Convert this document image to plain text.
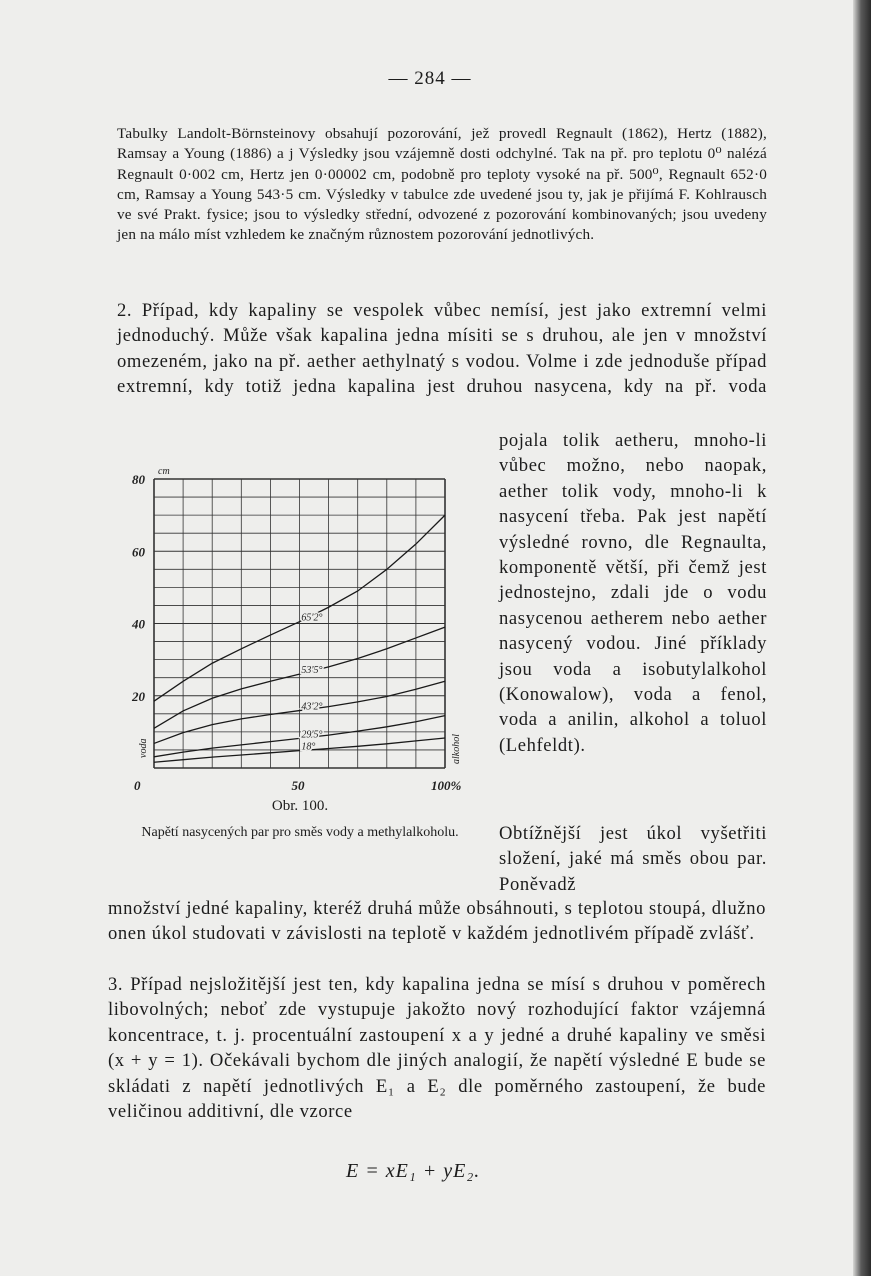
— 284 —

Tabulky Landolt-Börnsteinovy obsahují pozorování, jež provedl Regnault (1862), Hertz (1882), Ramsay a Young (1886) a j Výsledky jsou vzájemně dosti odchylné. Tak na př. pro teplotu 0⁰ nalézá Regnault 0·002 cm, Hertz jen 0·00002 cm, podobně pro teploty vysoké na př. 500⁰, Regnault 652·0 cm, Ramsay a Young 543·5 cm. Výsledky v tabulce zde uvedené jsou ty, jak je přijímá F. Kohlrausch ve své Prakt. fysice; jsou to výsledky střední, odvozené z pozorování kombinovaných; jsou uvedeny jen na málo míst vzhledem ke značným různostem pozorování jednotlivých.

2. Případ, kdy kapaliny se vespolek vůbec nemísí, jest jako extremní velmi jednoduchý. Může však kapalina jedna mísiti se s druhou, ale jen v množství omezeném, jako na př. aether aethylnatý s vodou. Volme i zde jednoduše případ extremní, kdy totiž jedna kapalina jest druhou nasycena, kdy na př. voda

pojala tolik aetheru, mnoho-li vůbec možno, nebo naopak, aether tolik vody, mnoho-li k nasycení třeba. Pak jest napětí výsledné rovno, dle Regnaulta, komponentě větší, při čemž jest jednostejno, zdali jde o vodu nasycenou aetherem nebo aether nasycený vodou. Jiné příklady jsou voda a isobutylalkohol (Konowalow), voda a fenol, voda a anilin, alkohol a toluol (Lehfeldt).

Obtížnější jest úkol vyšetřiti složení, jaké má směs obou par. Poněvadž

množství jedné kapaliny, kteréž druhá může obsáhnouti, s teplotou stoupá, dlužno onen úkol studovati v závislosti na teplotě v každém jednotlivém případě zvlášť.

3. Případ nejsložitější jest ten, kdy kapalina jedna se mísí s druhou v poměrech libovolných; neboť zde vystupuje jakožto nový rozhodující faktor vzájemná koncentrace, t. j. procentuální zastoupení x a y jedné a druhé kapaliny ve směsi (x + y = 1). Očekávali bychom dle jiných analogií, že napětí výsledné E bude se skládati z napětí jednotlivých E₁ a E₂ dle poměrného zastoupení, že bude veličinou additivní, dle vzorce

E = xE₁ + yE₂.
20
40
60
80
cm
0	50	100%
voda	alkohol
18°
29'5°
43'2°
53'5°
65'2°
Obr. 100.
Napětí nasycených par pro směs vody a methylalkoholu.
